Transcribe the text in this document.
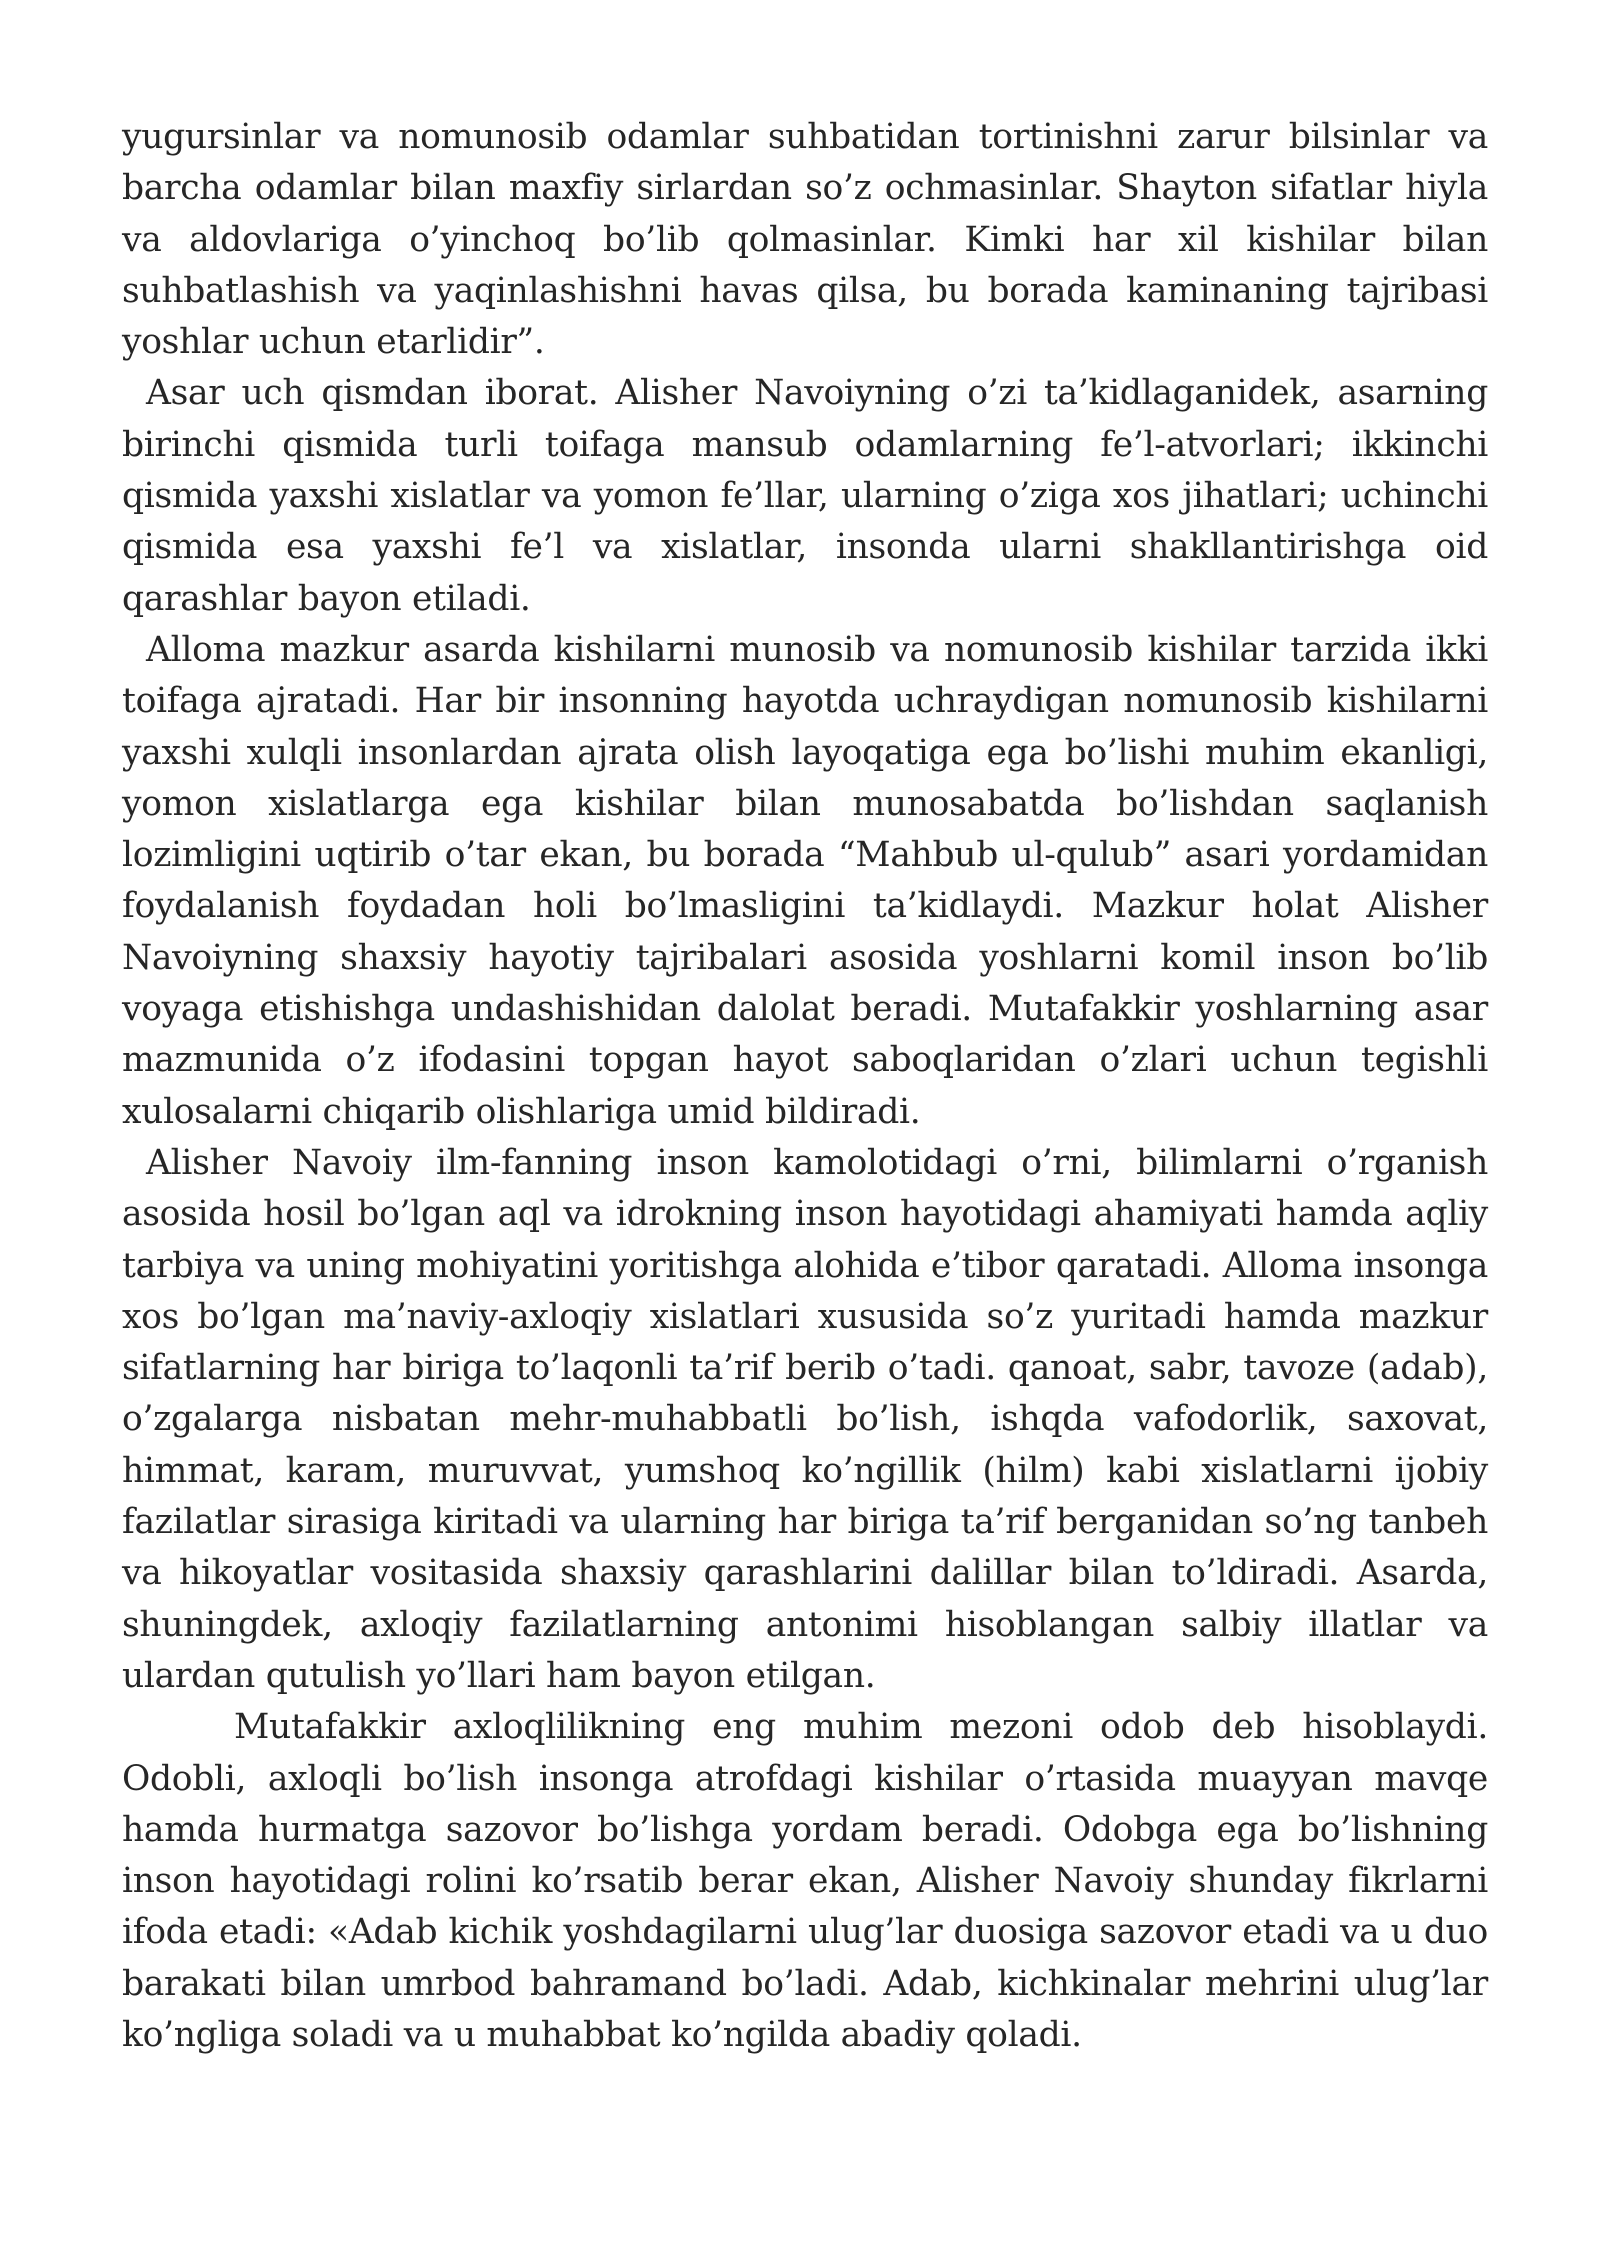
yugursinlar va nomunosib odamlar suhbatidan tortinishni zarur bilsinlar va barcha odamlar bilan maxfiy sirlardan so’z ochmasinlar. Shayton sifatlar hiyla va aldovlariga o’yinchoq bo’lib qolmasinlar. Kimki har xil kishilar bilan suhbatlashish va yaqinlashishni havas qilsa, bu borada kaminaning tajribasi yoshlar uchun etarlidir”.

Asar uch qismdan iborat. Alisher Navoiyning o’zi ta’kidlaganidek, asarning birinchi qismida turli toifaga mansub odamlarning fe’l-atvorlari; ikkinchi qismida yaxshi xislatlar va yomon fe’llar, ularning o’ziga xos jihatlari; uchinchi qismida esa yaxshi fe’l va xislatlar, insonda ularni shakllantirishga oid qarashlar bayon etiladi.

Alloma mazkur asarda kishilarni munosib va nomunosib kishilar tarzida ikki toifaga ajratadi. Har bir insonning hayotda uchraydigan nomunosib kishilarni yaxshi xulqli insonlardan ajrata olish layoqatiga ega bo’lishi muhim ekanligi, yomon xislatlarga ega kishilar bilan munosabatda bo’lishdan saqlanish lozimligini uqtirib o’tar ekan, bu borada “Mahbub ul-qulub” asari yordamidan foydalanish foydadan holi bo’lmasligini ta’kidlaydi. Mazkur holat Alisher Navoiyning shaxsiy hayotiy tajribalari asosida yoshlarni komil inson bo’lib voyaga etishishga undashishidan dalolat beradi. Mutafakkir yoshlarning asar mazmunida o’z ifodasini topgan hayot saboqlaridan o’zlari uchun tegishli xulosalarni chiqarib olishlariga umid bildiradi.

Alisher Navoiy ilm-fanning inson kamolotidagi o’rni, bilimlarni o’rganish asosida hosil bo’lgan aql va idrokning inson hayotidagi ahamiyati hamda aqliy tarbiya va uning mohiyatini yoritishga alohida e’tibor qaratadi. Alloma insonga xos bo’lgan ma’naviy-axloqiy xislatlari xususida so’z yuritadi hamda mazkur sifatlarning har biriga to’laqonli ta’rif berib o’tadi. qanoat, sabr, tavoze (adab), o’zgalarga nisbatan mehr-muhabbatli bo’lish, ishqda vafodorlik, saxovat, himmat, karam, muruvvat, yumshoq ko’ngillik (hilm) kabi xislatlarni ijobiy fazilatlar sirasiga kiritadi va ularning har biriga ta’rif berganidan so’ng tanbeh va hikoyatlar vositasida shaxsiy qarashlarini dalillar bilan to’ldiradi. Asarda, shuningdek, axloqiy fazilatlarning antonimi hisoblangan salbiy illatlar va ulardan qutulish yo’llari ham bayon etilgan.

Mutafakkir axloqlilikning eng muhim mezoni odob deb hisoblaydi. Odobli, axloqli bo’lish insonga atrofdagi kishilar o’rtasida muayyan mavqe hamda hurmatga sazovor bo’lishga yordam beradi. Odobga ega bo’lishning inson hayotidagi rolini ko’rsatib berar ekan, Alisher Navoiy shunday fikrlarni ifoda etadi: «Adab kichik yoshdagilarni ulug’lar duosiga sazovor etadi va u duo barakati bilan umrbod bahramand bo’ladi. Adab, kichkinalar mehrini ulug’lar ko’ngliga soladi va u muhabbat ko’ngilda abadiy qoladi.
